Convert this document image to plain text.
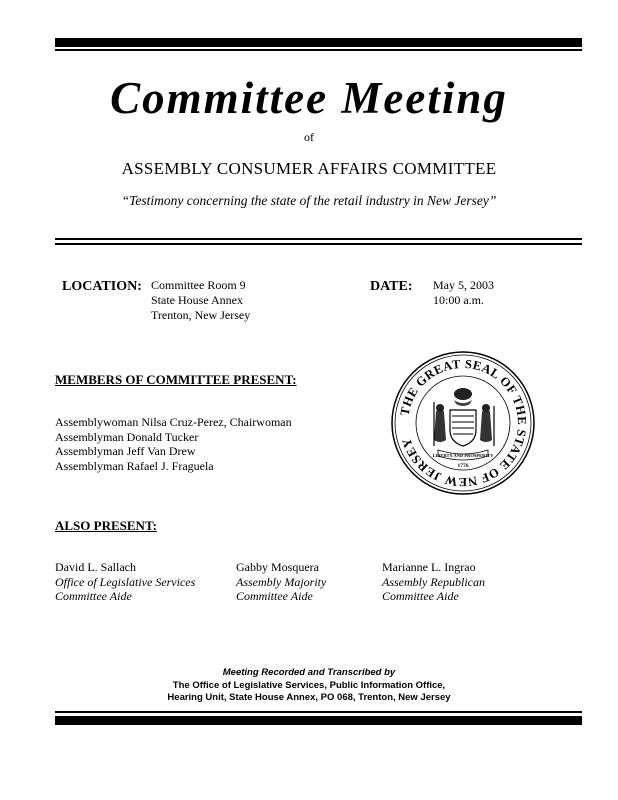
Committee Meeting
of
ASSEMBLY CONSUMER AFFAIRS COMMITTEE
“Testimony concerning the state of the retail industry in New Jersey”
LOCATION: Committee Room 9
State House Annex
Trenton, New Jersey
DATE: May 5, 2003
10:00 a.m.
MEMBERS OF COMMITTEE PRESENT:
Assemblywoman Nilsa Cruz-Perez, Chairwoman
Assemblyman Donald Tucker
Assemblyman Jeff Van Drew
Assemblyman Rafael J. Fraguela
THE GREAT SEAL OF THE STATE OF NEW JERSEY
LIBERTY AND PROSPERITY
1776
ALSO PRESENT:
David L. Sallach
Office of Legislative Services
Committee Aide
Gabby Mosquera
Assembly Majority
Committee Aide
Marianne L. Ingrao
Assembly Republican
Committee Aide
Meeting Recorded and Transcribed by
The Office of Legislative Services, Public Information Office,
Hearing Unit, State House Annex, PO 068, Trenton, New Jersey
